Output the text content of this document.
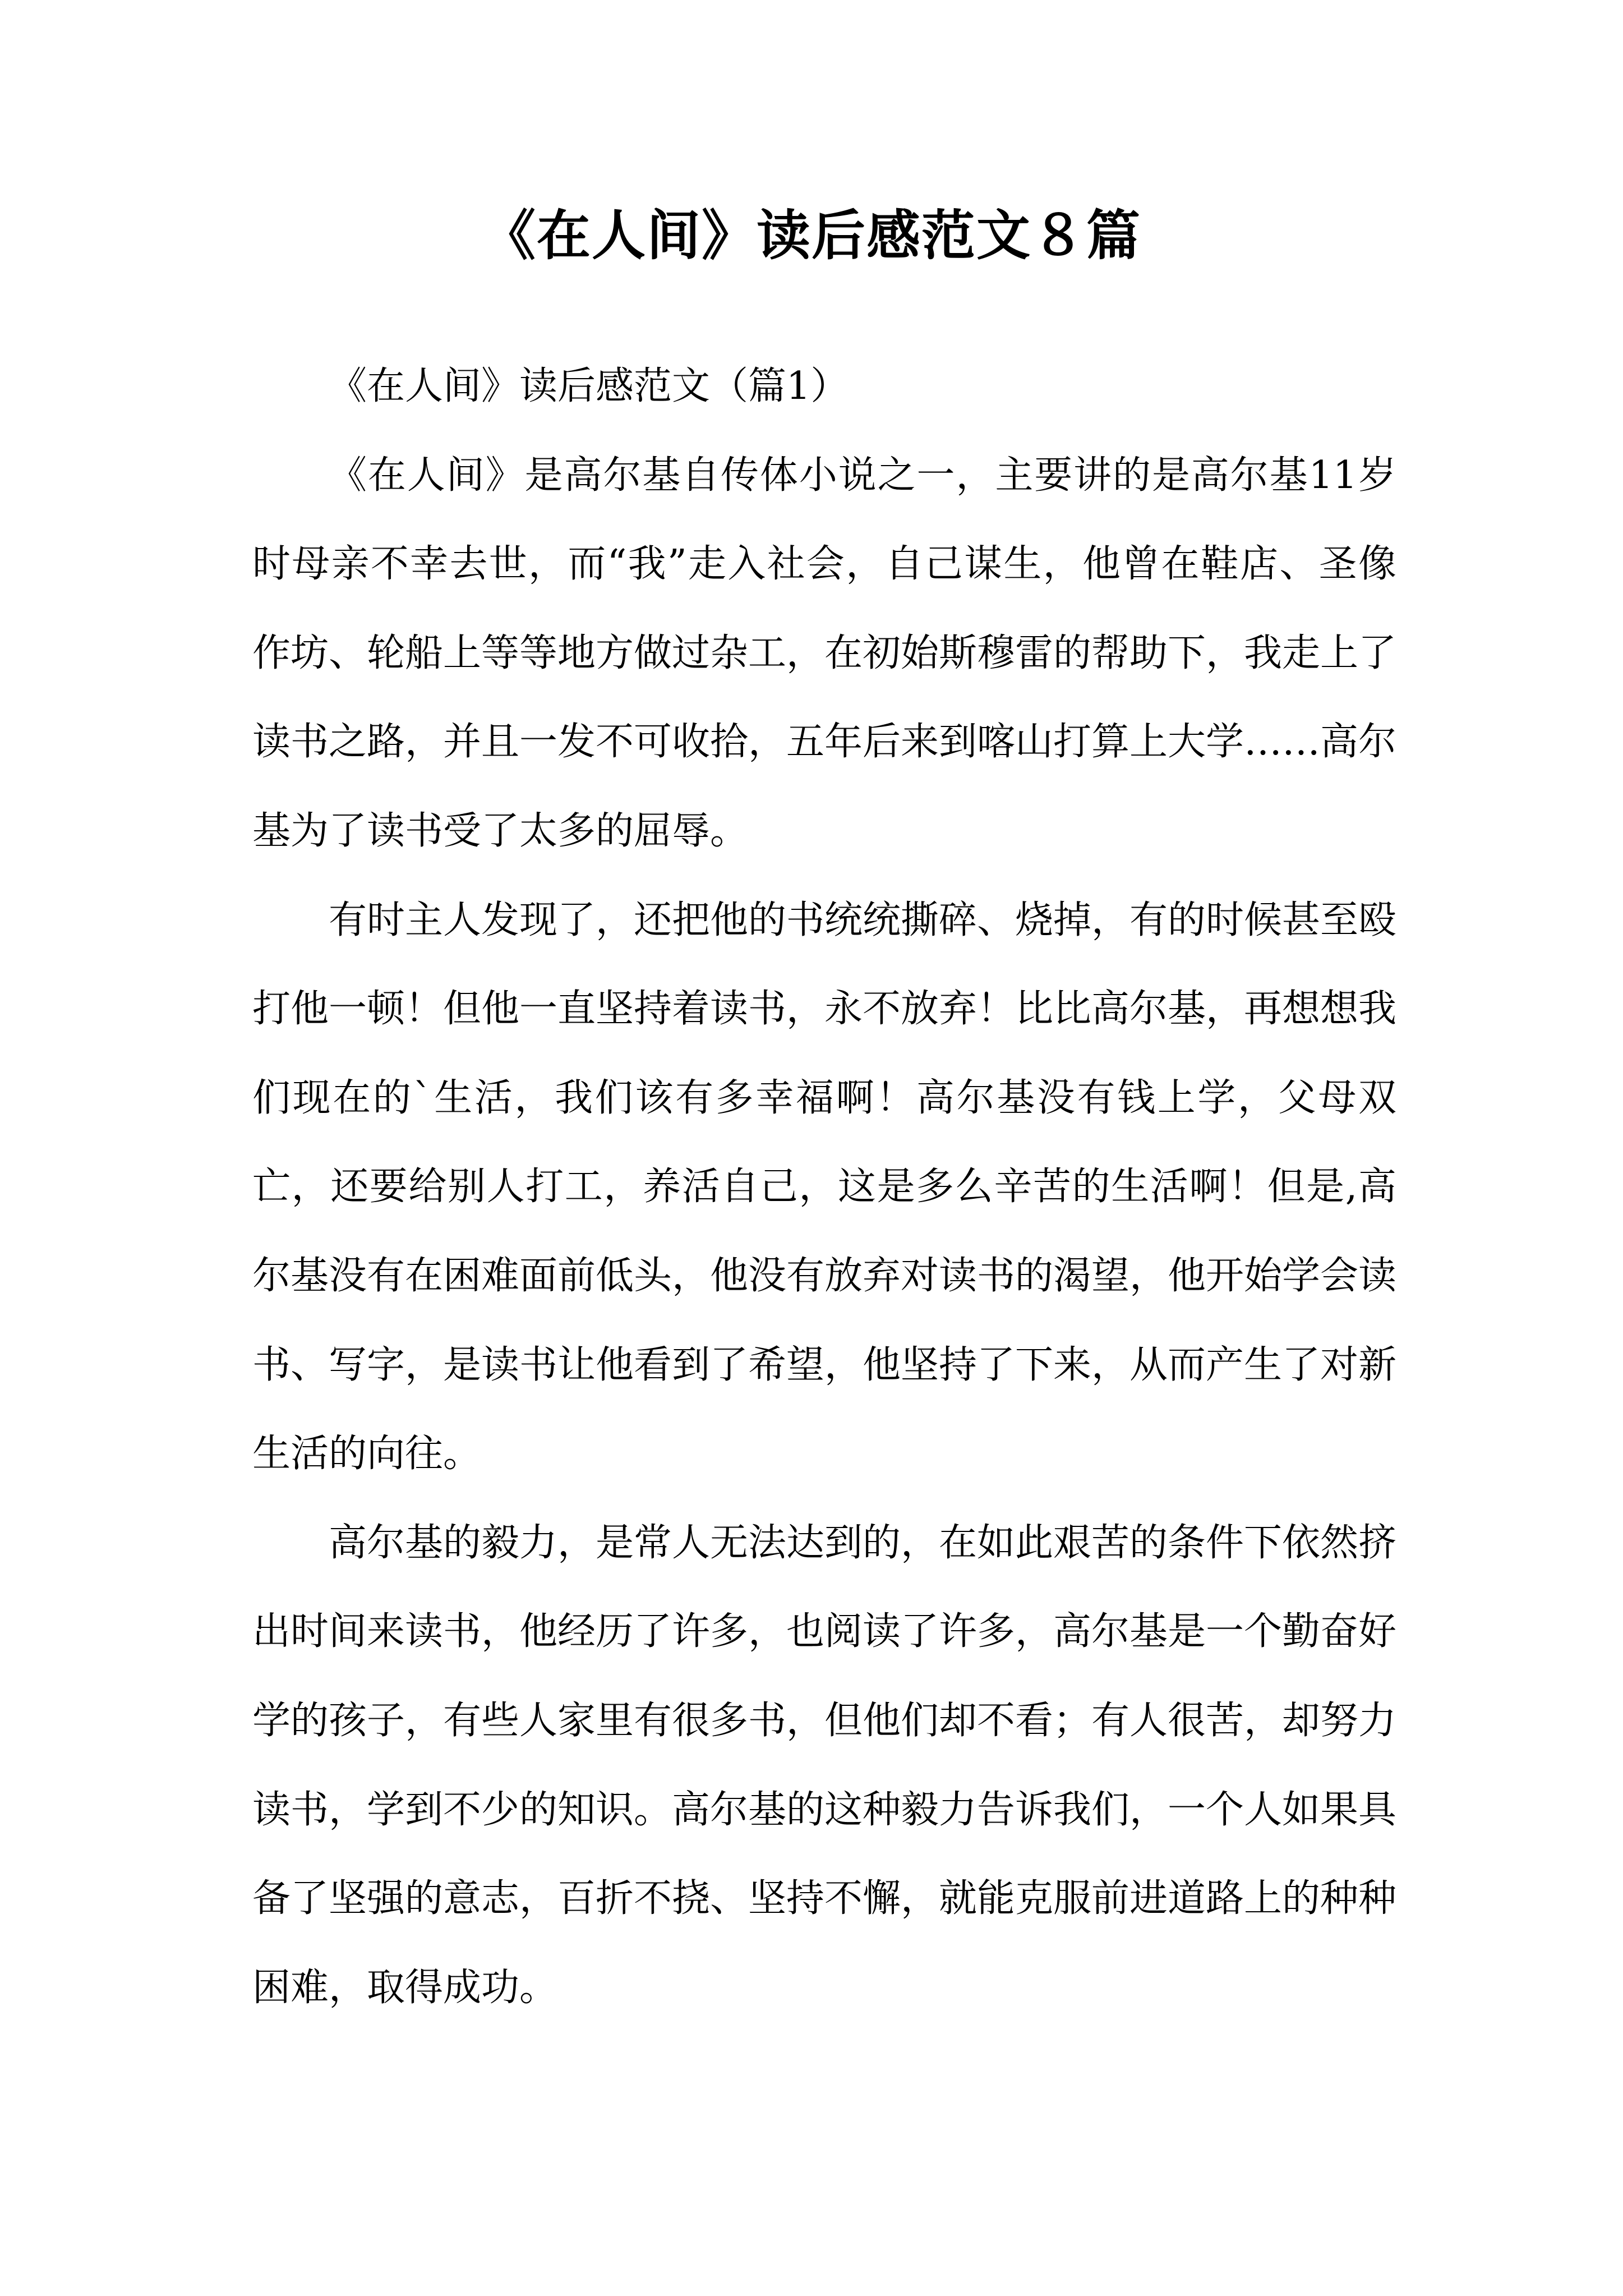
《在人间》读后感范文８篇

《在人间》读后感范文（篇1）

《在人间》是高尔基自传体小说之一，主要讲的是高尔基11岁时母亲不幸去世，而“我”走入社会，自己谋生，他曾在鞋店、圣像作坊、轮船上等等地方做过杂工，在初始斯穆雷的帮助下，我走上了读书之路，并且一发不可收拾，五年后来到喀山打算上大学……高尔基为了读书受了太多的屈辱。

有时主人发现了，还把他的书统统撕碎、烧掉，有的时候甚至殴打他一顿！但他一直坚持着读书，永不放弃！比比高尔基，再想想我们现在的`生活，我们该有多幸福啊！高尔基没有钱上学，父母双亡，还要给别人打工，养活自己，这是多么辛苦的生活啊！但是,高尔基没有在困难面前低头，他没有放弃对读书的渴望，他开始学会读书、写字，是读书让他看到了希望，他坚持了下来，从而产生了对新生活的向往。

高尔基的毅力，是常人无法达到的，在如此艰苦的条件下依然挤出时间来读书，他经历了许多，也阅读了许多，高尔基是一个勤奋好学的孩子，有些人家里有很多书，但他们却不看；有人很苦，却努力读书，学到不少的知识。高尔基的这种毅力告诉我们，一个人如果具备了坚强的意志，百折不挠、坚持不懈，就能克服前进道路上的种种困难，取得成功。
